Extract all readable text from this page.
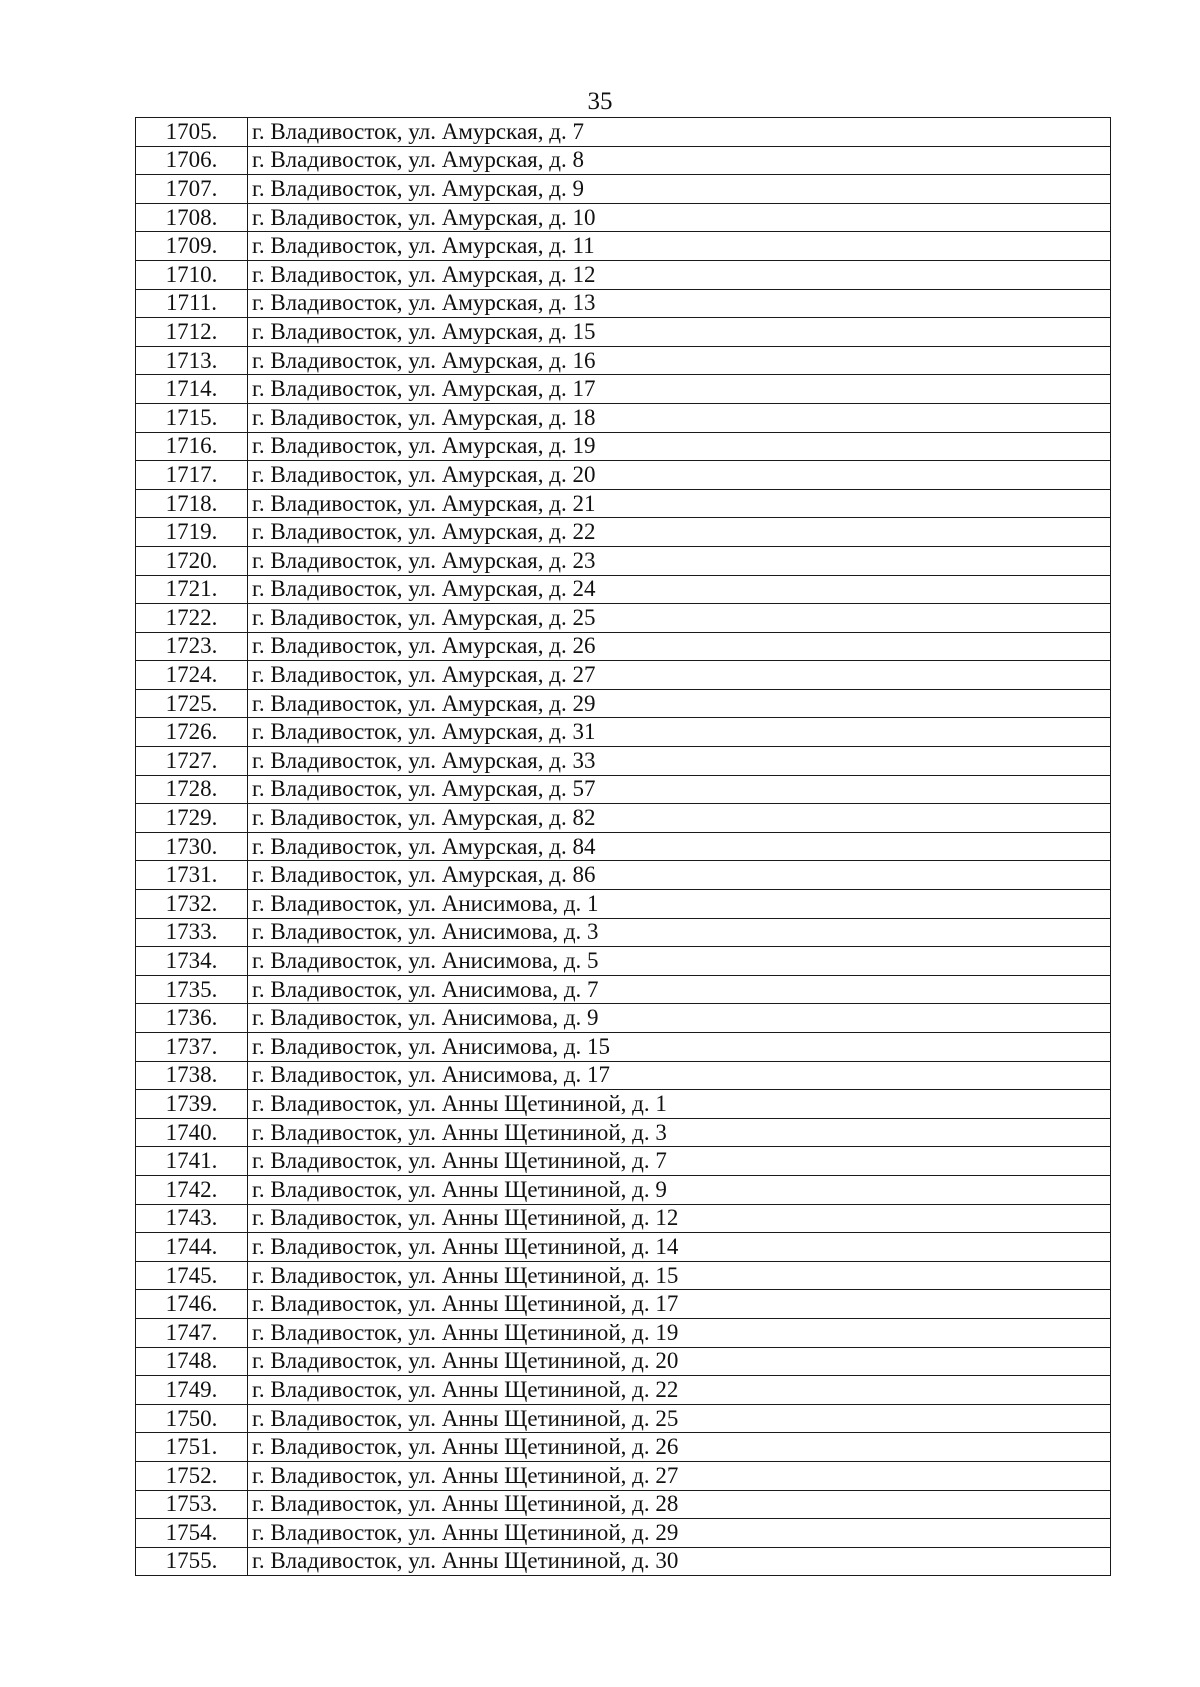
35
1705.	г. Владивосток, ул. Амурская, д. 7
1706.	г. Владивосток, ул. Амурская, д. 8
1707.	г. Владивосток, ул. Амурская, д. 9
1708.	г. Владивосток, ул. Амурская, д. 10
1709.	г. Владивосток, ул. Амурская, д. 11
1710.	г. Владивосток, ул. Амурская, д. 12
1711.	г. Владивосток, ул. Амурская, д. 13
1712.	г. Владивосток, ул. Амурская, д. 15
1713.	г. Владивосток, ул. Амурская, д. 16
1714.	г. Владивосток, ул. Амурская, д. 17
1715.	г. Владивосток, ул. Амурская, д. 18
1716.	г. Владивосток, ул. Амурская, д. 19
1717.	г. Владивосток, ул. Амурская, д. 20
1718.	г. Владивосток, ул. Амурская, д. 21
1719.	г. Владивосток, ул. Амурская, д. 22
1720.	г. Владивосток, ул. Амурская, д. 23
1721.	г. Владивосток, ул. Амурская, д. 24
1722.	г. Владивосток, ул. Амурская, д. 25
1723.	г. Владивосток, ул. Амурская, д. 26
1724.	г. Владивосток, ул. Амурская, д. 27
1725.	г. Владивосток, ул. Амурская, д. 29
1726.	г. Владивосток, ул. Амурская, д. 31
1727.	г. Владивосток, ул. Амурская, д. 33
1728.	г. Владивосток, ул. Амурская, д. 57
1729.	г. Владивосток, ул. Амурская, д. 82
1730.	г. Владивосток, ул. Амурская, д. 84
1731.	г. Владивосток, ул. Амурская, д. 86
1732.	г. Владивосток, ул. Анисимова, д. 1
1733.	г. Владивосток, ул. Анисимова, д. 3
1734.	г. Владивосток, ул. Анисимова, д. 5
1735.	г. Владивосток, ул. Анисимова, д. 7
1736.	г. Владивосток, ул. Анисимова, д. 9
1737.	г. Владивосток, ул. Анисимова, д. 15
1738.	г. Владивосток, ул. Анисимова, д. 17
1739.	г. Владивосток, ул. Анны Щетининой, д. 1
1740.	г. Владивосток, ул. Анны Щетининой, д. 3
1741.	г. Владивосток, ул. Анны Щетининой, д. 7
1742.	г. Владивосток, ул. Анны Щетининой, д. 9
1743.	г. Владивосток, ул. Анны Щетининой, д. 12
1744.	г. Владивосток, ул. Анны Щетининой, д. 14
1745.	г. Владивосток, ул. Анны Щетининой, д. 15
1746.	г. Владивосток, ул. Анны Щетининой, д. 17
1747.	г. Владивосток, ул. Анны Щетининой, д. 19
1748.	г. Владивосток, ул. Анны Щетининой, д. 20
1749.	г. Владивосток, ул. Анны Щетининой, д. 22
1750.	г. Владивосток, ул. Анны Щетининой, д. 25
1751.	г. Владивосток, ул. Анны Щетининой, д. 26
1752.	г. Владивосток, ул. Анны Щетининой, д. 27
1753.	г. Владивосток, ул. Анны Щетининой, д. 28
1754.	г. Владивосток, ул. Анны Щетининой, д. 29
1755.	г. Владивосток, ул. Анны Щетининой, д. 30
